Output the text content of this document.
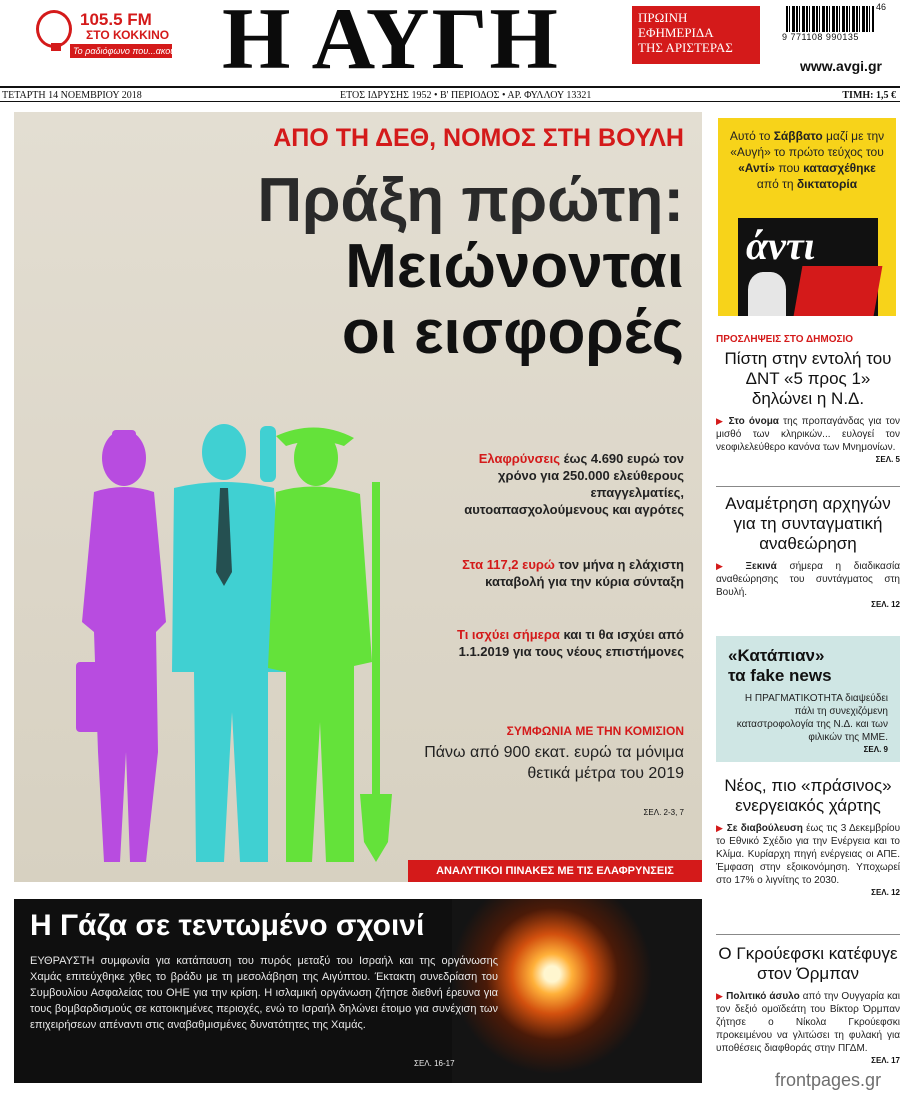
105.5 FM
ΣΤΟ ΚΟΚΚΙΝΟ
Το ραδιόφωνο που...ακούει! Η ΑΥΓΗ	ΠΡΩΙΝΗ
ΕΦΗΜΕΡΙΔΑ
ΤΗΣ ΑΡΙΣΤΕΡΑΣ
46
9 771108 990135
www.avgi.gr
ΤΕΤΑΡΤΗ 14 ΝΟΕΜΒΡΙΟΥ 2018	ΕΤΟΣ ΙΔΡΥΣΗΣ 1952 • Β' ΠΕΡΙΟΔΟΣ • ΑΡ. ΦΥΛΛΟΥ 13321	ΤΙΜΗ: 1,5 €
ΑΠΟ ΤΗ ΔΕΘ, ΝΟΜΟΣ ΣΤΗ ΒΟΥΛΗ
Πράξη πρώτη:
Μειώνονται
οι εισφορές
Ελαφρύνσεις έως 4.690 ευρώ τον χρόνο για 250.000 ελεύθερους επαγγελματίες, αυτοαπασχολούμενους και αγρότες
Στα 117,2 ευρώ τον μήνα η ελάχιστη καταβολή για την κύρια σύνταξη
Τι ισχύει σήμερα και τι θα ισχύει από 1.1.2019 για τους νέους επιστήμονες
ΣΥΜΦΩΝΙΑ ΜΕ ΤΗΝ ΚΟΜΙΣΙΟΝ
Πάνω από 900 εκατ. ευρώ τα μόνιμα θετικά μέτρα του 2019
ΣΕΛ. 2-3, 7
ΑΝΑΛΥΤΙΚΟΙ ΠΙΝΑΚΕΣ ΜΕ ΤΙΣ ΕΛΑΦΡΥΝΣΕΙΣ
Η Γάζα σε τεντωμένο σχοινί
ΕΥΘΡΑΥΣΤΗ συμφωνία για κατάπαυση του πυρός μεταξύ του Ισραήλ και της οργάνωσης Χαμάς επιτεύχθηκε χθες το βράδυ με τη μεσολάβηση της Αιγύπτου. Έκτακτη συνεδρίαση του Συμβουλίου Ασφαλείας του ΟΗΕ για την κρίση. Η ισλαμική οργάνωση ζήτησε διεθνή έρευνα για τους βομβαρδισμούς σε κατοικημένες περιοχές, ενώ το Ισραήλ δηλώνει έτοιμο για συνέχιση των επιχειρήσεων απέναντι στις αναβαθμισμένες δυνατότητες της Χαμάς.
ΣΕΛ. 16-17
Αυτό το Σάββατο μαζί με την «Αυγή» το πρώτο τεύχος του «Αντί» που κατασχέθηκε από τη δικτατορία
άντι
ΠΡΟΣΛΗΨΕΙΣ ΣΤΟ ΔΗΜΟΣΙΟ
Πίστη στην εντολή του ΔΝΤ «5 προς 1» δηλώνει η Ν.Δ.
▶ Στο όνομα της προπαγάνδας για τον μισθό των κληρικών... ευλογεί τον νεοφιλελεύθερο κανόνα των Μνημονίων.
ΣΕΛ. 5
Αναμέτρηση αρχηγών για τη συνταγματική αναθεώρηση
▶ Ξεκινά σήμερα η διαδικασία αναθεώρησης του συντάγματος στη Βουλή.
ΣΕΛ. 12
«Κατάπιαν»
τα fake news
Η ΠΡΑΓΜΑΤΙΚΟΤΗΤΑ διαψεύδει πάλι τη συνεχιζόμενη καταστροφολογία της Ν.Δ. και των φιλικών της ΜΜΕ.
ΣΕΛ. 9
Νέος, πιο «πράσινος» ενεργειακός χάρτης
▶ Σε διαβούλευση έως τις 3 Δεκεμβρίου το Εθνικό Σχέδιο για την Ενέργεια και το Κλίμα. Κυρίαρχη πηγή ενέργειας οι ΑΠΕ. Έμφαση στην εξοικονόμηση. Υποχωρεί στο 17% ο λιγνίτης το 2030.
ΣΕΛ. 12
Ο Γκρούεφσκι κατέφυγε στον Όρμπαν
▶ Πολιτικό άσυλο από την Ουγγαρία και τον δεξιό ομοϊδεάτη του Βίκτορ Όρμπαν ζήτησε ο Νίκολα Γκρούεφσκι προκειμένου να γλιτώσει τη φυλακή για υποθέσεις διαφθοράς στην ΠΓΔΜ.
ΣΕΛ. 17
frontpages.gr
